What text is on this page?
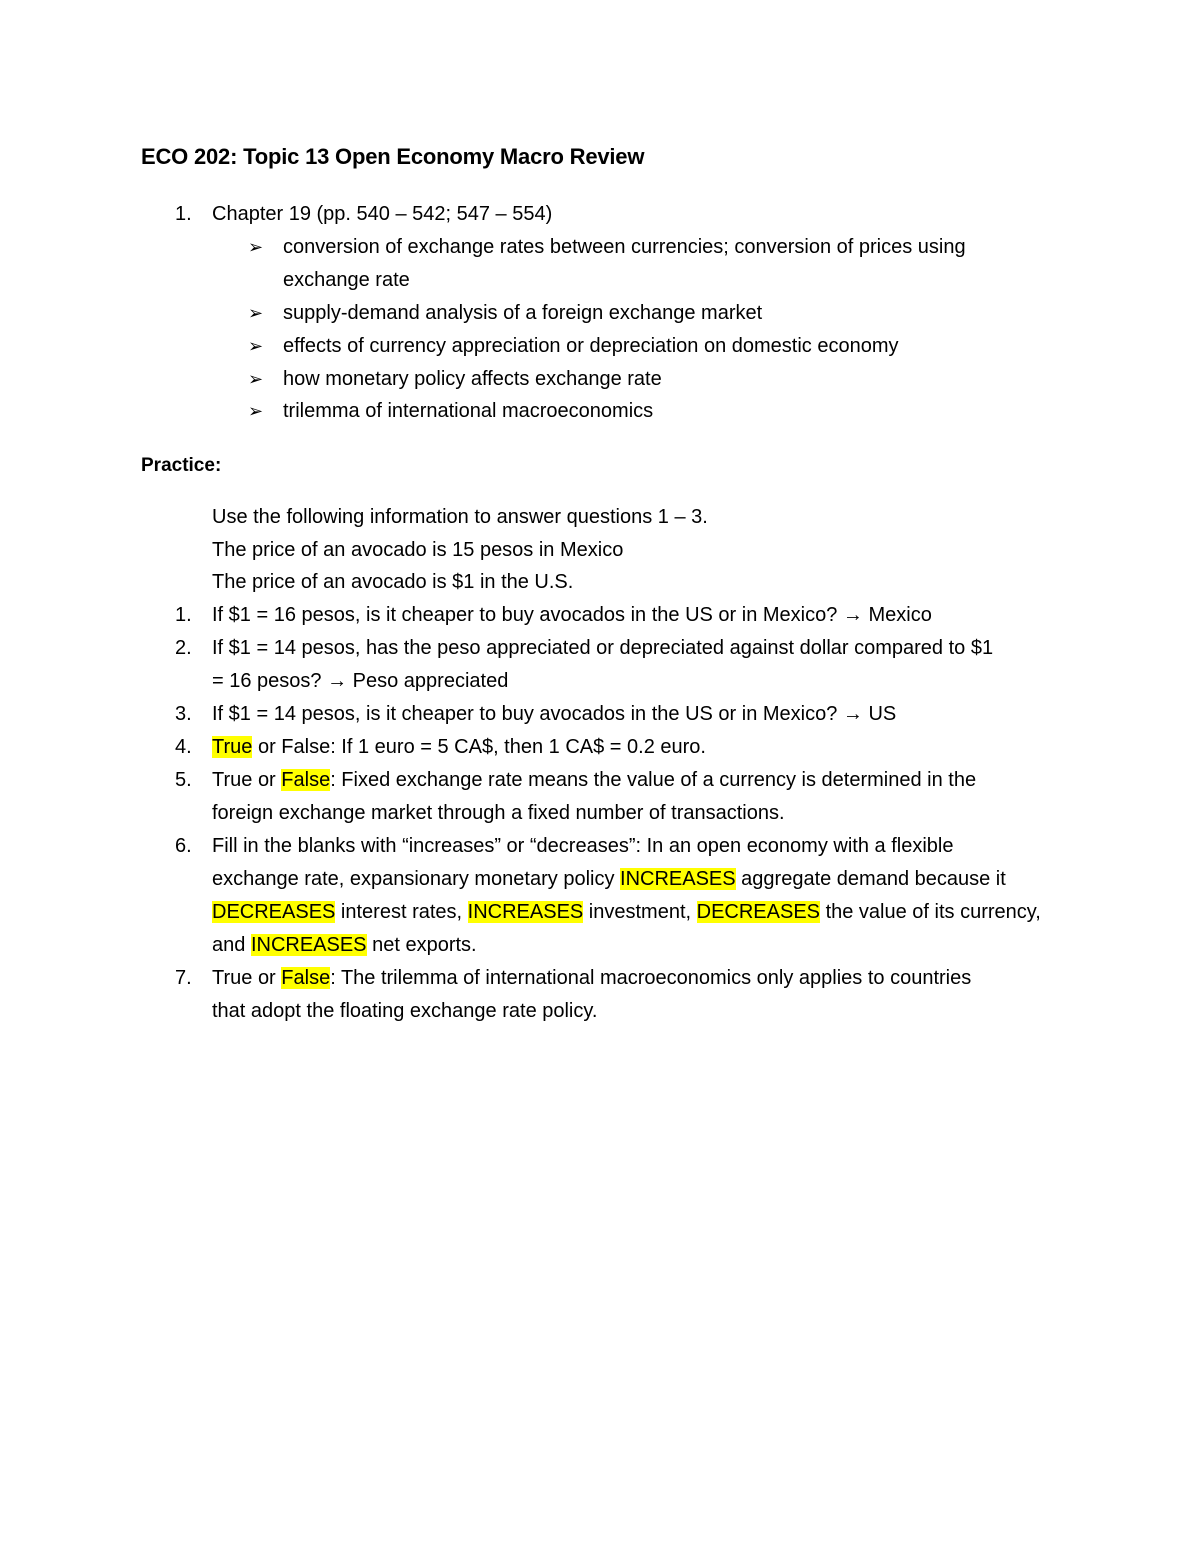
ECO 202: Topic 13 Open Economy Macro Review
1. Chapter 19 (pp. 540 – 542; 547 – 554)
➢ conversion of exchange rates between currencies; conversion of prices using
exchange rate
➢ supply-demand analysis of a foreign exchange market
➢ effects of currency appreciation or depreciation on domestic economy
➢ how monetary policy affects exchange rate
➢ trilemma of international macroeconomics
Practice:
Use the following information to answer questions 1 – 3.
The price of an avocado is 15 pesos in Mexico
The price of an avocado is $1 in the U.S.
1. If $1 = 16 pesos, is it cheaper to buy avocados in the US or in Mexico? → Mexico
2. If $1 = 14 pesos, has the peso appreciated or depreciated against dollar compared to $1
= 16 pesos? → Peso appreciated
3. If $1 = 14 pesos, is it cheaper to buy avocados in the US or in Mexico? → US
4. True or False: If 1 euro = 5 CA$, then 1 CA$ = 0.2 euro.
5. True or False: Fixed exchange rate means the value of a currency is determined in the
foreign exchange market through a fixed number of transactions.
6. Fill in the blanks with “increases” or “decreases”: In an open economy with a flexible
exchange rate, expansionary monetary policy INCREASES aggregate demand because it
DECREASES interest rates, INCREASES investment, DECREASES the value of its currency,
and INCREASES net exports.
7. True or False: The trilemma of international macroeconomics only applies to countries
that adopt the floating exchange rate policy.
